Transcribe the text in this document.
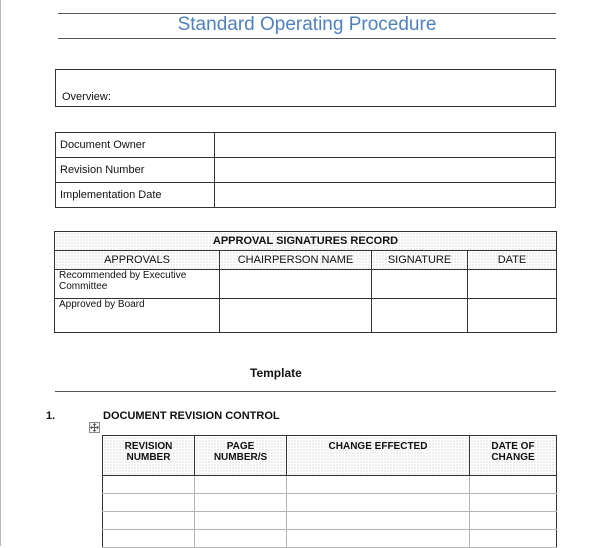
Standard Operating Procedure
Overview:
Document Owner	
Revision Number	
Implementation Date	
APPROVAL SIGNATURES RECORD			
APPROVALS	CHAIRPERSON NAME	SIGNATURE	DATE
Recommended by Executive Committee			
Approved by Board			
Template
1.	DOCUMENT REVISION CONTROL
REVISION NUMBER	PAGE NUMBER/S	CHANGE EFFECTED	DATE OF CHANGE
